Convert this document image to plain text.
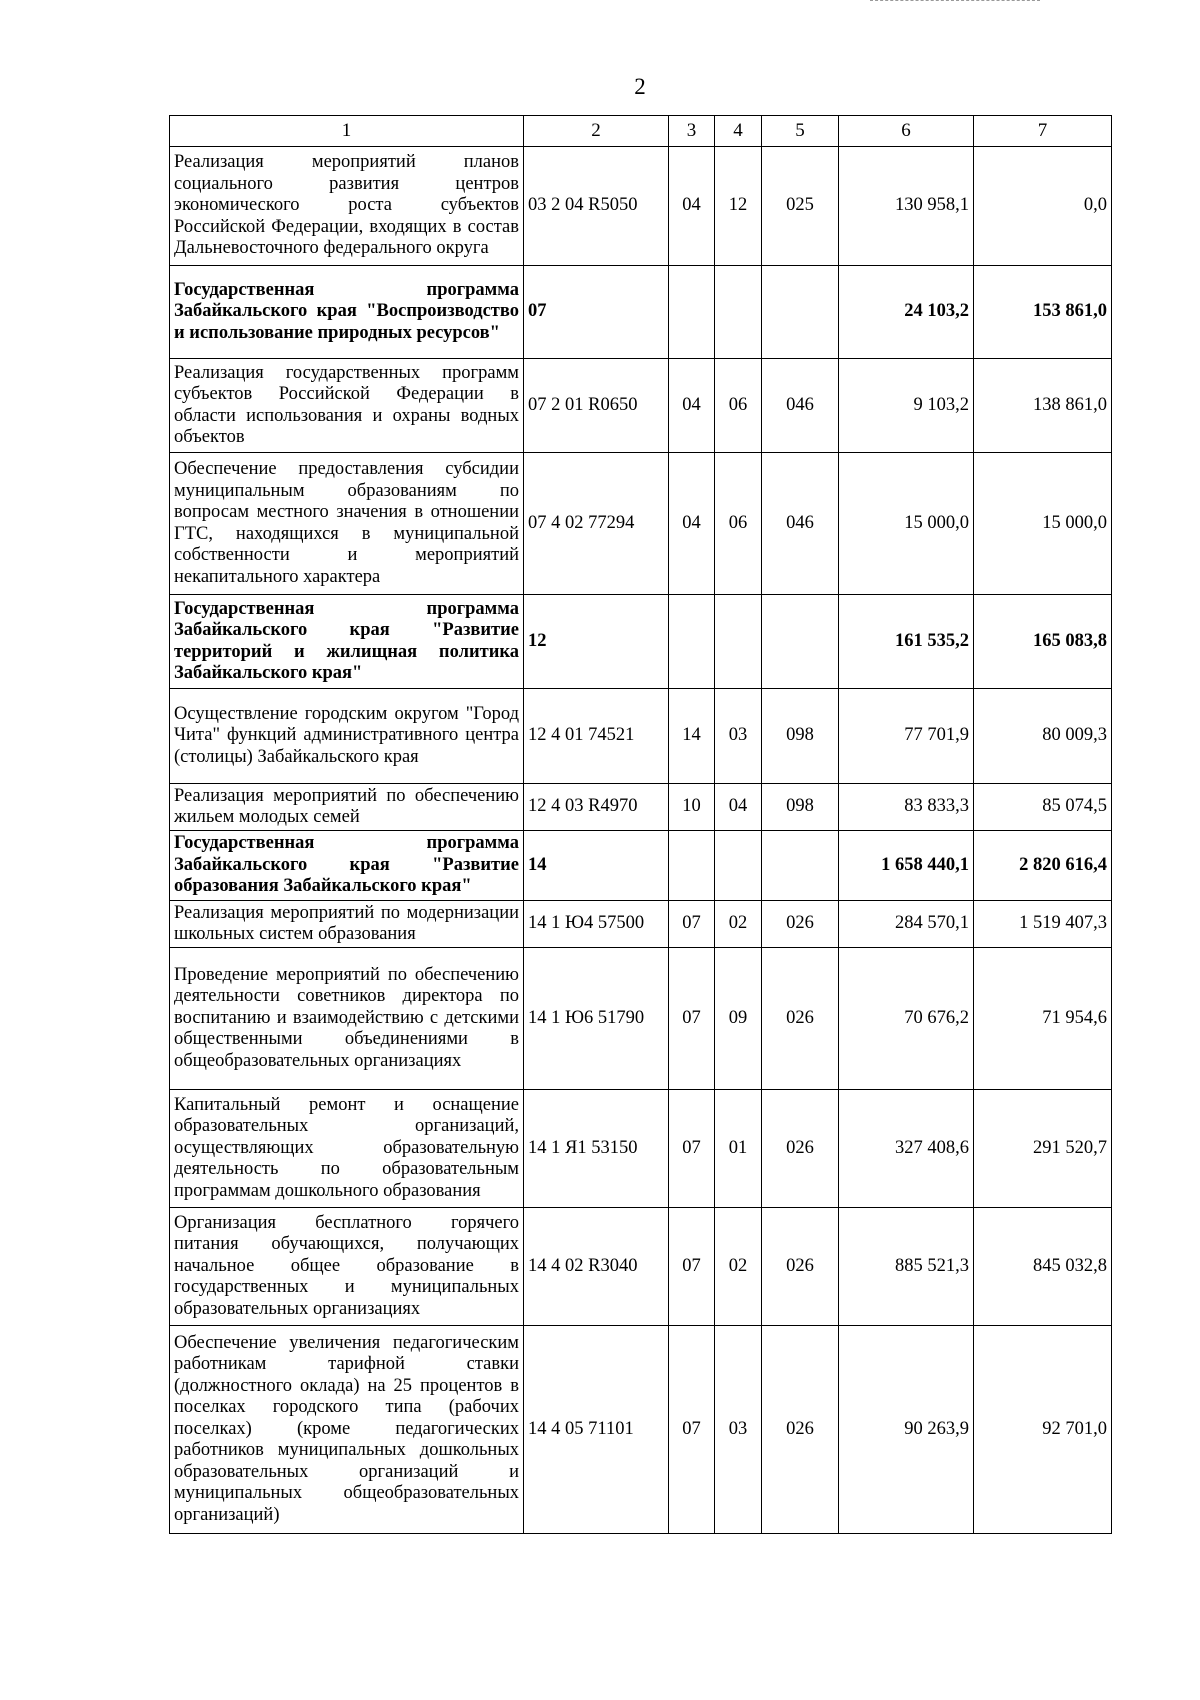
2
1	2	3	4	5	6	7
Реализация мероприятий планов социального развития центров экономического роста субъектов Российской Федерации, входящих в состав Дальневосточного федерального округа	03 2 04 R5050	04	12	025	130 958,1	0,0
Государственная программа Забайкальского края "Воспроизводство и использование природных ресурсов"	07				24 103,2	153 861,0
Реализация государственных программ субъектов Российской Федерации в области использования и охраны водных объектов	07 2 01 R0650	04	06	046	9 103,2	138 861,0
Обеспечение предоставления субсидии муниципальным образованиям по вопросам местного значения в отношении ГТС, находящихся в муниципальной собственности и мероприятий некапитального характера	07 4 02 77294	04	06	046	15 000,0	15 000,0
Государственная программа Забайкальского края "Развитие территорий и жилищная политика Забайкальского края"	12				161 535,2	165 083,8
Осуществление городским округом "Город Чита" функций административного центра (столицы) Забайкальского края	12 4 01 74521	14	03	098	77 701,9	80 009,3
Реализация мероприятий по обеспечению жильем молодых семей	12 4 03 R4970	10	04	098	83 833,3	85 074,5
Государственная программа Забайкальского края "Развитие образования Забайкальского края"	14				1 658 440,1	2 820 616,4
Реализация мероприятий по модернизации школьных систем образования	14 1 Ю4 57500	07	02	026	284 570,1	1 519 407,3
Проведение мероприятий по обеспечению деятельности советников директора по воспитанию и взаимодействию с детскими общественными объединениями в общеобразовательных организациях	14 1 Ю6 51790	07	09	026	70 676,2	71 954,6
Капитальный ремонт и оснащение образовательных организаций, осуществляющих образовательную деятельность по образовательным программам дошкольного образования	14 1 Я1 53150	07	01	026	327 408,6	291 520,7
Организация бесплатного горячего питания обучающихся, получающих начальное общее образование в государственных и муниципальных образовательных организациях	14 4 02 R3040	07	02	026	885 521,3	845 032,8
Обеспечение увеличения педагогическим работникам тарифной ставки (должностного оклада) на 25 процентов в поселках городского типа (рабочих поселках) (кроме педагогических работников муниципальных дошкольных образовательных организаций и муниципальных общеобразовательных организаций)	14 4 05 71101	07	03	026	90 263,9	92 701,0
